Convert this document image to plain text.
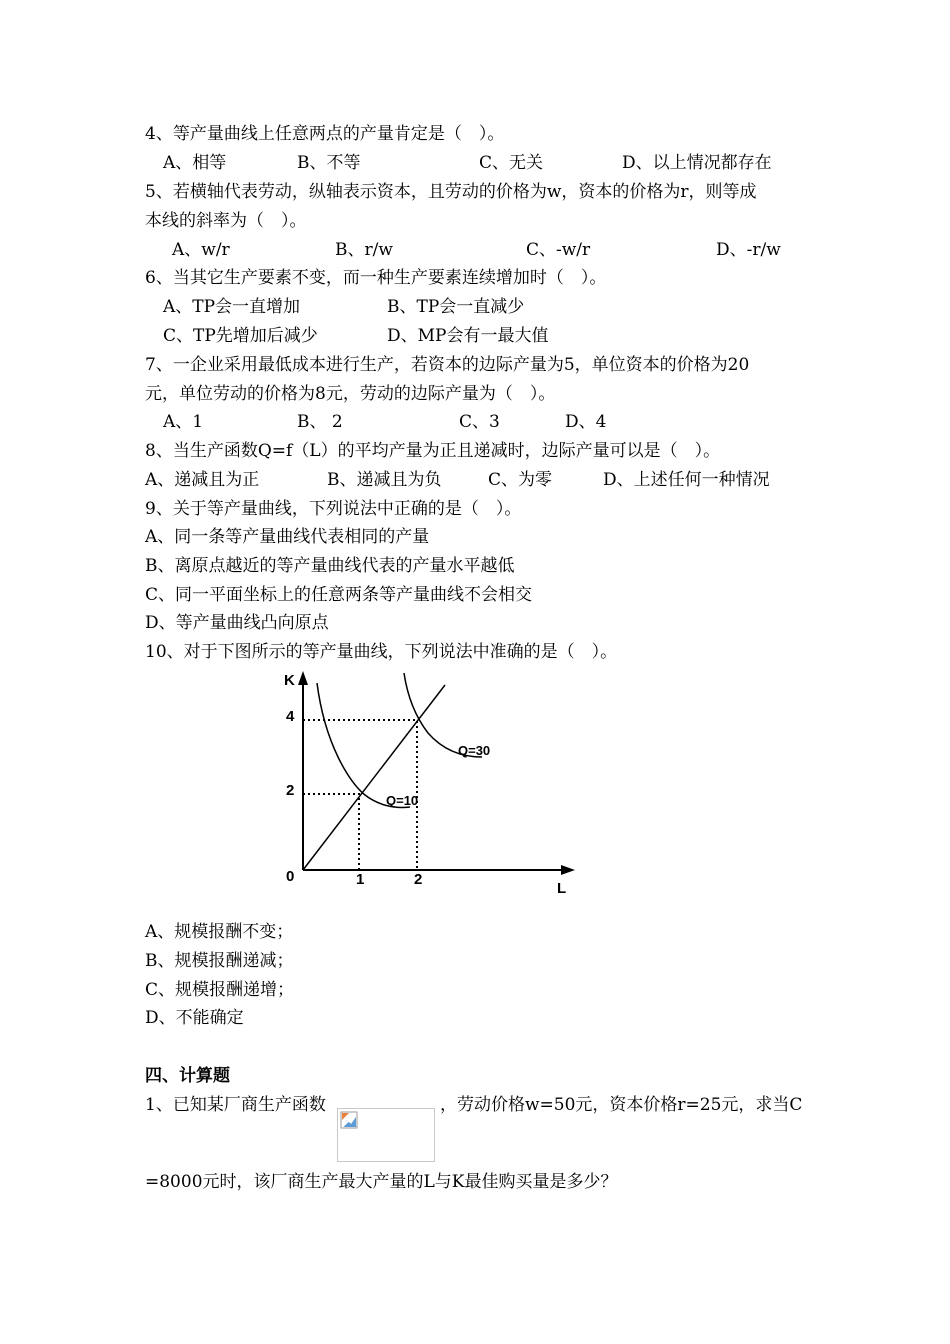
4、等产量曲线上任意两点的产量肯定是（　）。
A、相等	B、不等	C、无关	D、以上情况都存在
5、若横轴代表劳动，纵轴表示资本，且劳动的价格为w，资本的价格为r，则等成
本线的斜率为（　）。
A、w/r	B、r/w	C、-w/r	D、-r/w
6、当其它生产要素不变，而一种生产要素连续增加时（　）。
A、TP会一直增加	B、TP会一直减少
C、TP先增加后减少	D、MP会有一最大值
7、一企业采用最低成本进行生产，若资本的边际产量为5，单位资本的价格为20
元，单位劳动的价格为8元，劳动的边际产量为（　）。
A、1	B、 2	C、3	D、4
8、当生产函数Q=f（L）的平均产量为正且递减时，边际产量可以是（　）。
A、递减且为正	B、递减且为负	C、为零	D、上述任何一种情况
9、关于等产量曲线，下列说法中正确的是（　）。
A、同一条等产量曲线代表相同的产量
B、离原点越近的等产量曲线代表的产量水平越低
C、同一平面坐标上的任意两条等产量曲线不会相交
D、等产量曲线凸向原点
10、对于下图所示的等产量曲线，下列说法中准确的是（　）。
K
4
2
0	1	2
L
Q=30
Q=10
A、规模报酬不变；
B、规模报酬递减；
C、规模报酬递增；
D、不能确定
四、计算题
1、已知某厂商生产函数	，劳动价格w=50元，资本价格r=25元，求当C
=8000元时，该厂商生产最大产量的L与K最佳购买量是多少？
